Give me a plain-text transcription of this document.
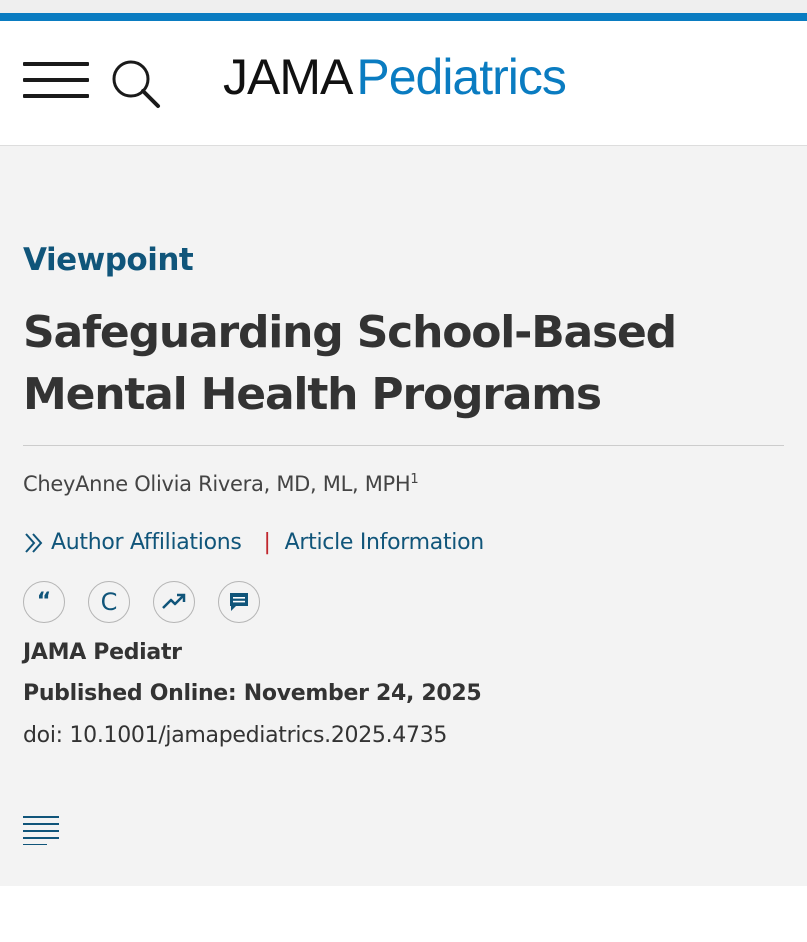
JAMAPediatrics
Viewpoint
Safeguarding School-Based Mental Health Programs
CheyAnne Olivia Rivera, MD, ML, MPH$^1$
Author Affiliations | Article Information
“ C
JAMA Pediatr
Published Online: November 24, 2025
doi: 10.1001/jamapediatrics.2025.4735
